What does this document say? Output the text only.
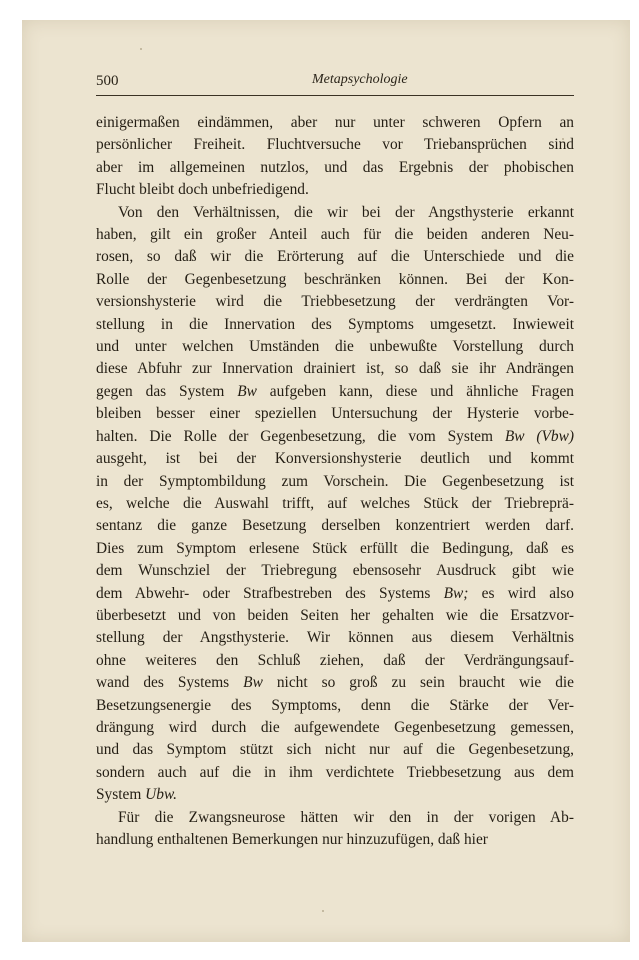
500	Metapsychologie
einigermaßen eindämmen, aber nur unter schweren Opfern an
persönlicher Freiheit. Fluchtversuche vor Triebansprüchen sind
aber im allgemeinen nutzlos, und das Ergebnis der phobischen
Flucht bleibt doch unbefriedigend.
Von den Verhältnissen, die wir bei der Angsthysterie erkannt
haben, gilt ein großer Anteil auch für die beiden anderen Neu-
rosen, so daß wir die Erörterung auf die Unterschiede und die
Rolle der Gegenbesetzung beschränken können. Bei der Kon-
versionshysterie wird die Triebbesetzung der verdrängten Vor-
stellung in die Innervation des Symptoms umgesetzt. Inwieweit
und unter welchen Umständen die unbewußte Vorstellung durch
diese Abfuhr zur Innervation drainiert ist, so daß sie ihr Andrängen
gegen das System Bw aufgeben kann, diese und ähnliche Fragen
bleiben besser einer speziellen Untersuchung der Hysterie vorbe-
halten. Die Rolle der Gegenbesetzung, die vom System Bw (Vbw)
ausgeht, ist bei der Konversionshysterie deutlich und kommt
in der Symptombildung zum Vorschein. Die Gegenbesetzung ist
es, welche die Auswahl trifft, auf welches Stück der Triebreprä-
sentanz die ganze Besetzung derselben konzentriert werden darf.
Dies zum Symptom erlesene Stück erfüllt die Bedingung, daß es
dem Wunschziel der Triebregung ebensosehr Ausdruck gibt wie
dem Abwehr- oder Strafbestreben des Systems Bw; es wird also
überbesetzt und von beiden Seiten her gehalten wie die Ersatzvor-
stellung der Angsthysterie. Wir können aus diesem Verhältnis
ohne weiteres den Schluß ziehen, daß der Verdrängungsauf-
wand des Systems Bw nicht so groß zu sein braucht wie die
Besetzungsenergie des Symptoms, denn die Stärke der Ver-
drängung wird durch die aufgewendete Gegenbesetzung gemessen,
und das Symptom stützt sich nicht nur auf die Gegenbesetzung,
sondern auch auf die in ihm verdichtete Triebbesetzung aus dem
System Ubw.
Für die Zwangsneurose hätten wir den in der vorigen Ab-
handlung enthaltenen Bemerkungen nur hinzuzufügen, daß hier
